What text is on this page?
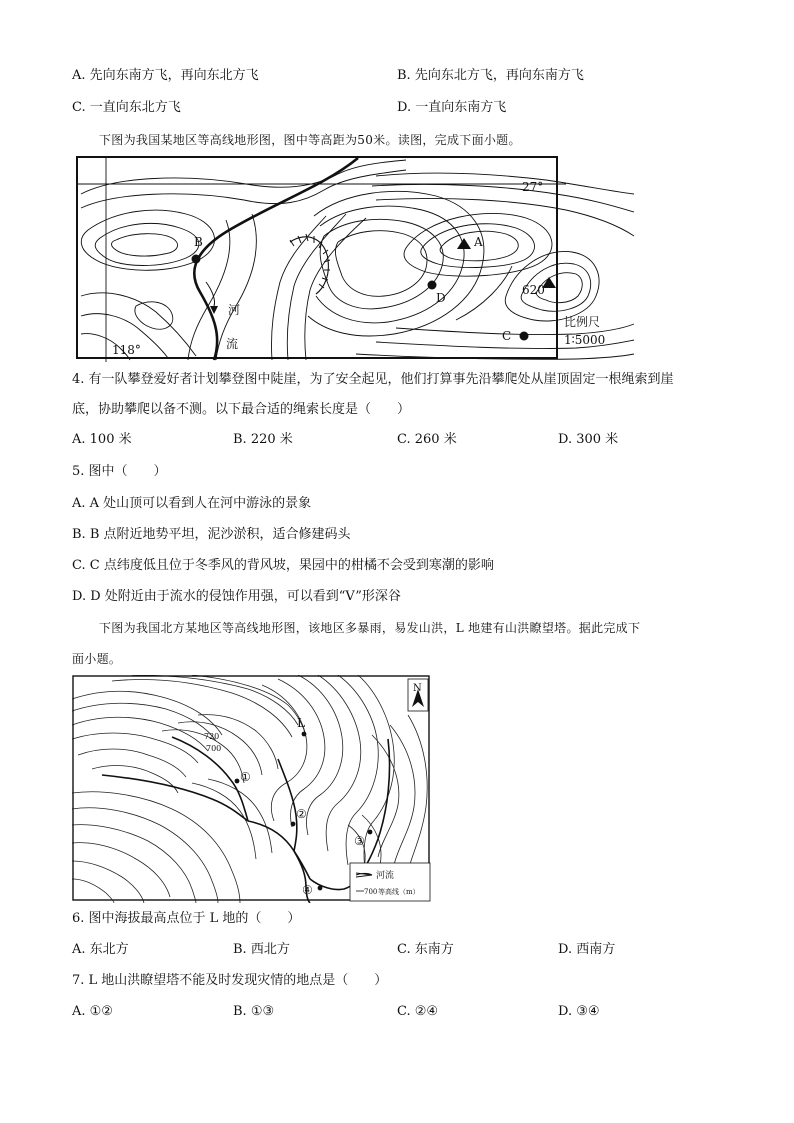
A. 先向东南方飞，再向东北方飞	B. 先向东北方飞，再向东南方飞
C. 一直向东北方飞	D. 一直向东南方飞
下图为我国某地区等高线地形图，图中等高距为50米。读图，完成下面小题。
27°
118°
B	A
D
C
620
河
流
比例尺
1∶5000
4. 有一队攀登爱好者计划攀登图中陡崖，为了安全起见，他们打算事先沿攀爬处从崖顶固定一根绳索到崖
底，协助攀爬以备不测。以下最合适的绳索长度是（　　）
A. 100 米	B. 220 米	C. 260 米	D. 300 米
5. 图中（　　）
A. A 处山顶可以看到人在河中游泳的景象
B. B 点附近地势平坦，泥沙淤积，适合修建码头
C. C 点纬度低且位于冬季风的背风坡，果园中的柑橘不会受到寒潮的影响
D. D 处附近由于流水的侵蚀作用强，可以看到“V”形深谷
下图为我国北方某地区等高线地形图，该地区多暴雨，易发山洪，L 地建有山洪瞭望塔。据此完成下
面小题。
N
L
720
700
①
②
③
④
河流
700 等高线（m）
6. 图中海拔最高点位于 L 地的（　　）
A. 东北方	B. 西北方	C. 东南方	D. 西南方
7. L 地山洪瞭望塔不能及时发现灾情的地点是（　　）
A. ①②	B. ①③	C. ②④	D. ③④
